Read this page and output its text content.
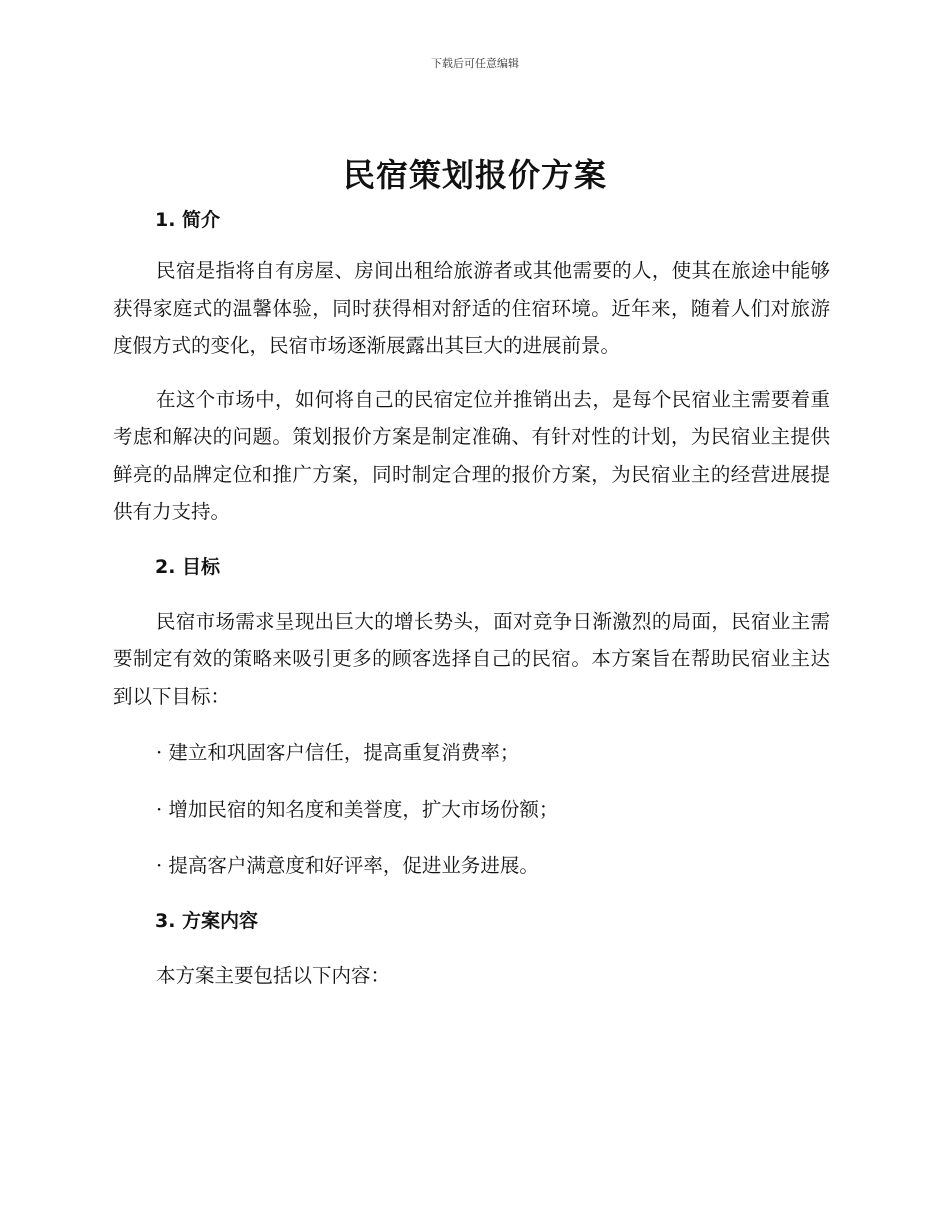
下载后可任意编辑
民宿策划报价方案
1. 简介

民宿是指将自有房屋、房间出租给旅游者或其他需要的人，使其在旅途中能够获得家庭式的温馨体验，同时获得相对舒适的住宿环境。近年来，随着人们对旅游度假方式的变化，民宿市场逐渐展露出其巨大的进展前景。

在这个市场中，如何将自己的民宿定位并推销出去，是每个民宿业主需要着重考虑和解决的问题。策划报价方案是制定准确、有针对性的计划，为民宿业主提供鲜亮的品牌定位和推广方案，同时制定合理的报价方案，为民宿业主的经营进展提供有力支持。

2. 目标

民宿市场需求呈现出巨大的增长势头，面对竞争日渐激烈的局面，民宿业主需要制定有效的策略来吸引更多的顾客选择自己的民宿。本方案旨在帮助民宿业主达到以下目标：

· 建立和巩固客户信任，提高重复消费率；

· 增加民宿的知名度和美誉度，扩大市场份额；

· 提高客户满意度和好评率，促进业务进展。

3. 方案内容

本方案主要包括以下内容：
